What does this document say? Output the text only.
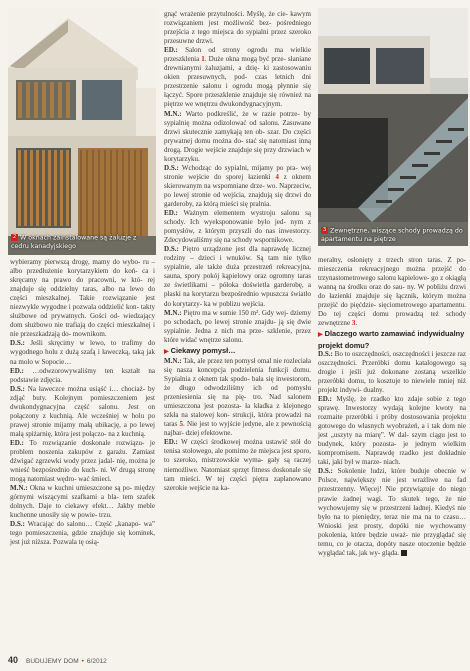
2 W oknach zainstalowane są żaluzje z cedru kanadyjskiego
3 Zewnętrzne, wiszące schody prowadzą do apartamentu na piętrze

wybieramy pierwszą drogę, mamy do wybo- ru – albo przedłużenie korytarzykiem do koń- ca i skręcamy na prawo do pracowni, w któ- rej znajduje się oddzielny taras, albo na lewo do części mieszkalnej. Takie rozwiązanie jest niezwykle wygodne i pozwala oddzielić kon- takty służbowe od prywatnych. Gości od- wiedzający dom służbowo nie trafiają do części mieszkalnej i nie przeszkadzają do- mownikom.

D.S.: Jeśli skręcimy w lewo, to trafimy do wygodnego holu z dużą szafą i ławeczką, taką jak na molo w Sopocie…

ED.: …odwzorowywaliśmy ten kształt na podstawie zdjęcia.

D.S.: Na ławeczce można usiąść i… chociaż- by zdjąć buty. Kolejnym pomieszczeniem jest dwukondygnacyjna część salonu. Jest on połączony z kuchnią. Ale wcześniej w holu po prawej stronie mijamy małą ubikację, a po lewej małą spiżarnię, która jest połączo- na z kuchnią.

ED.: To rozwiązanie doskonale rozwiązu- je problem noszenia zakupów z garażu. Zamiast dźwigać zgrzewki wody przez jadal- nię, można je wnieść bezpośrednio do kuch- ni. W drugą stronę mogą natomiast wędro- wać śmieci.

M.N.: Okna w kuchni umieszczone są po- między górnymi wiszącymi szafkami a bla- tem szafek dolnych. Daje to ciekawy efekt… Jakby meble kuchenne unosiły się w powie- trzu.

D.S.: Wracając do salonu… Część „kanapo- wa” tego pomieszczenia, gdzie znajduje się kominek, jest już niższa. Pozwala tę osią-

gnąć wrażenie przytulności. Myślę, że cie- kawym rozwiązaniem jest możliwość bez- pośredniego przejścia z tego miejsca do sypialni przez szeroko przesuwne drzwi.

ED.: Salon od strony ogrodu ma wielkie przeszklenia 1. Duże okna mogą być prze- słaniane drewnianymi żaluzjami, a dzię- ki zastosowaniu okien przesuwnych, pod- czas letnich dni przestrzenie salonu i ogrodu mogą płynnie się łączyć. Spore przeszklenie znajduje się również na piętrze we wnętrzu dwukondygnacyjnym.

M.N.: Warto podkreślić, że w razie potrze- by sypialnię można odizolować od salonu. Zasuwane drzwi skutecznie zamykają ten ob- szar. Do części prywatnej domu można do- stać się natomiast inną drogą. Drogie wejście znajduje się przy drzwiach w korytarzyku.

D.S.: Wchodząc do sypialni, mijamy po pra- wej stronie wejście do sporej łazienki 4 z oknem skierowanym na wspomniane drze- wo. Naprzeciw, po lewej stronie od wejścia, znajdują się drzwi do garderoby, za którą mieści się pralnia.

ED.: Ważnym elementem wystroju salonu są schody. Ich wyeksponowanie było jed- nym z pomysłów, z którym przyszli do nas inwestorzy. Zdecydowaliśmy się na schody wspornikowe.

D.S.: Piętro urządzone jest dla naprawdę licznej rodziny – dzieci i wnuków. Są tam nie tylko sypialnie, ale także duża przestrzeń rekreacyjna, sauna, spory pokój kąpielowy oraz ogromny taras ze świetlikami – półoka doświetla garderobę, a płaski na korytarzu bezpośrednio wpuszcza światło do korytarzy- ka w poblizu wejścia.

M.N.: Piętro ma w sumie 150 m². Gdy wej- dziemy po schodach, po lewej stronie znajdu- ją się dwie sypialnie. Jedna z nich ma prze- szklenie, przez które widać wnętrze salonu.

▶ Ciekawy pomysł…

M.N.: Tak, ale przez ten pomysł omal nie rozleciała się nasza koncepcja podzielenia funkcji domu. Sypialnia z oknem tak spodo- bała się inwestorom, że długo odwodziliśmy ich od pomysłu przeniesienia się na pię- tro. Nad salonem umieszczona jest pozosta- ła kładka z klejonego szkła na stalowej kon- strukcji, która prowadzi na taras 5. Nie jest to wyjście jedyne, ale z pewnością najbar- dziej efektowne.

ED.: W części środkowej można ustawić stół do tenisa stołowego, ale pomimo że miejsca jest sporo, to szeroko, mistrzowskie wyma- gały są raczej niemożliwe. Natomiast sprzęt fitness doskonale się tam mieści. W tej części piętra zaplanowano szerokie wejście na ka-

meralny, osłonięty z trzech stron taras. Z po- mieszczenia rekreacyjnego można przejść do trzynastometrowego salonu kąpielowe- go z okiągłą wanną na środku oraz do sau- ny. W pobliżu drzwi do łazienki znajduje się łącznik, którym można przejść do pięćdzie- sięciometrowego apartamentu. Do tej części domu prowadzą też schody zewnętrzne 3.

▶ Dlaczego warto zamawiać indywidualny projekt domu?

D.S.: Bo to oszczędności, oszczędności i jeszcze raz oszczędności. Przeróbki domu katalogowego są drogie i jeśli już dokonane zostaną wszelkie przeróbki domu, to kosztuje to niewiele mniej niż projekt indywi- dualny.

ED.: Myślę, że rzadko kto zdaje sobie z tego sprawę. Inwestorzy wydają kolejne kwoty na rozmaite przeróbki i próby dostosowania projektu gotowego do własnych wyobrażeń, a i tak dom nie jest „uszyty na miarę”. W dal- szym ciągu jest to budynek, który pozosta- je jednym wielkim kompromisem. Naprawdę rzadko jest dokładnie taki, jaki był w marze- niach.

D.S.: Sokolenie ludzi, które buduje obecnie w Polsce, największy nie jest wrażliwe na fad przestrzenny. Więcej! Nie przywiązuje do niego prawie żadnej wagi. To skutek tego, że nie wychowujemy się w przestrzeni ładnej. Kiedyś nie było na to pieniędzy, teraz nie ma na to czasu… Wnioski jest prosty, dopóki nie wychowamy pokolenia, które będzie uważ- nie przyglądać się temu, co je otacza, dopóty nasze otoczenie będzie wyglądać tak, jak wy- gląda.

40 BUDUJEMY DOM • 6/2012
